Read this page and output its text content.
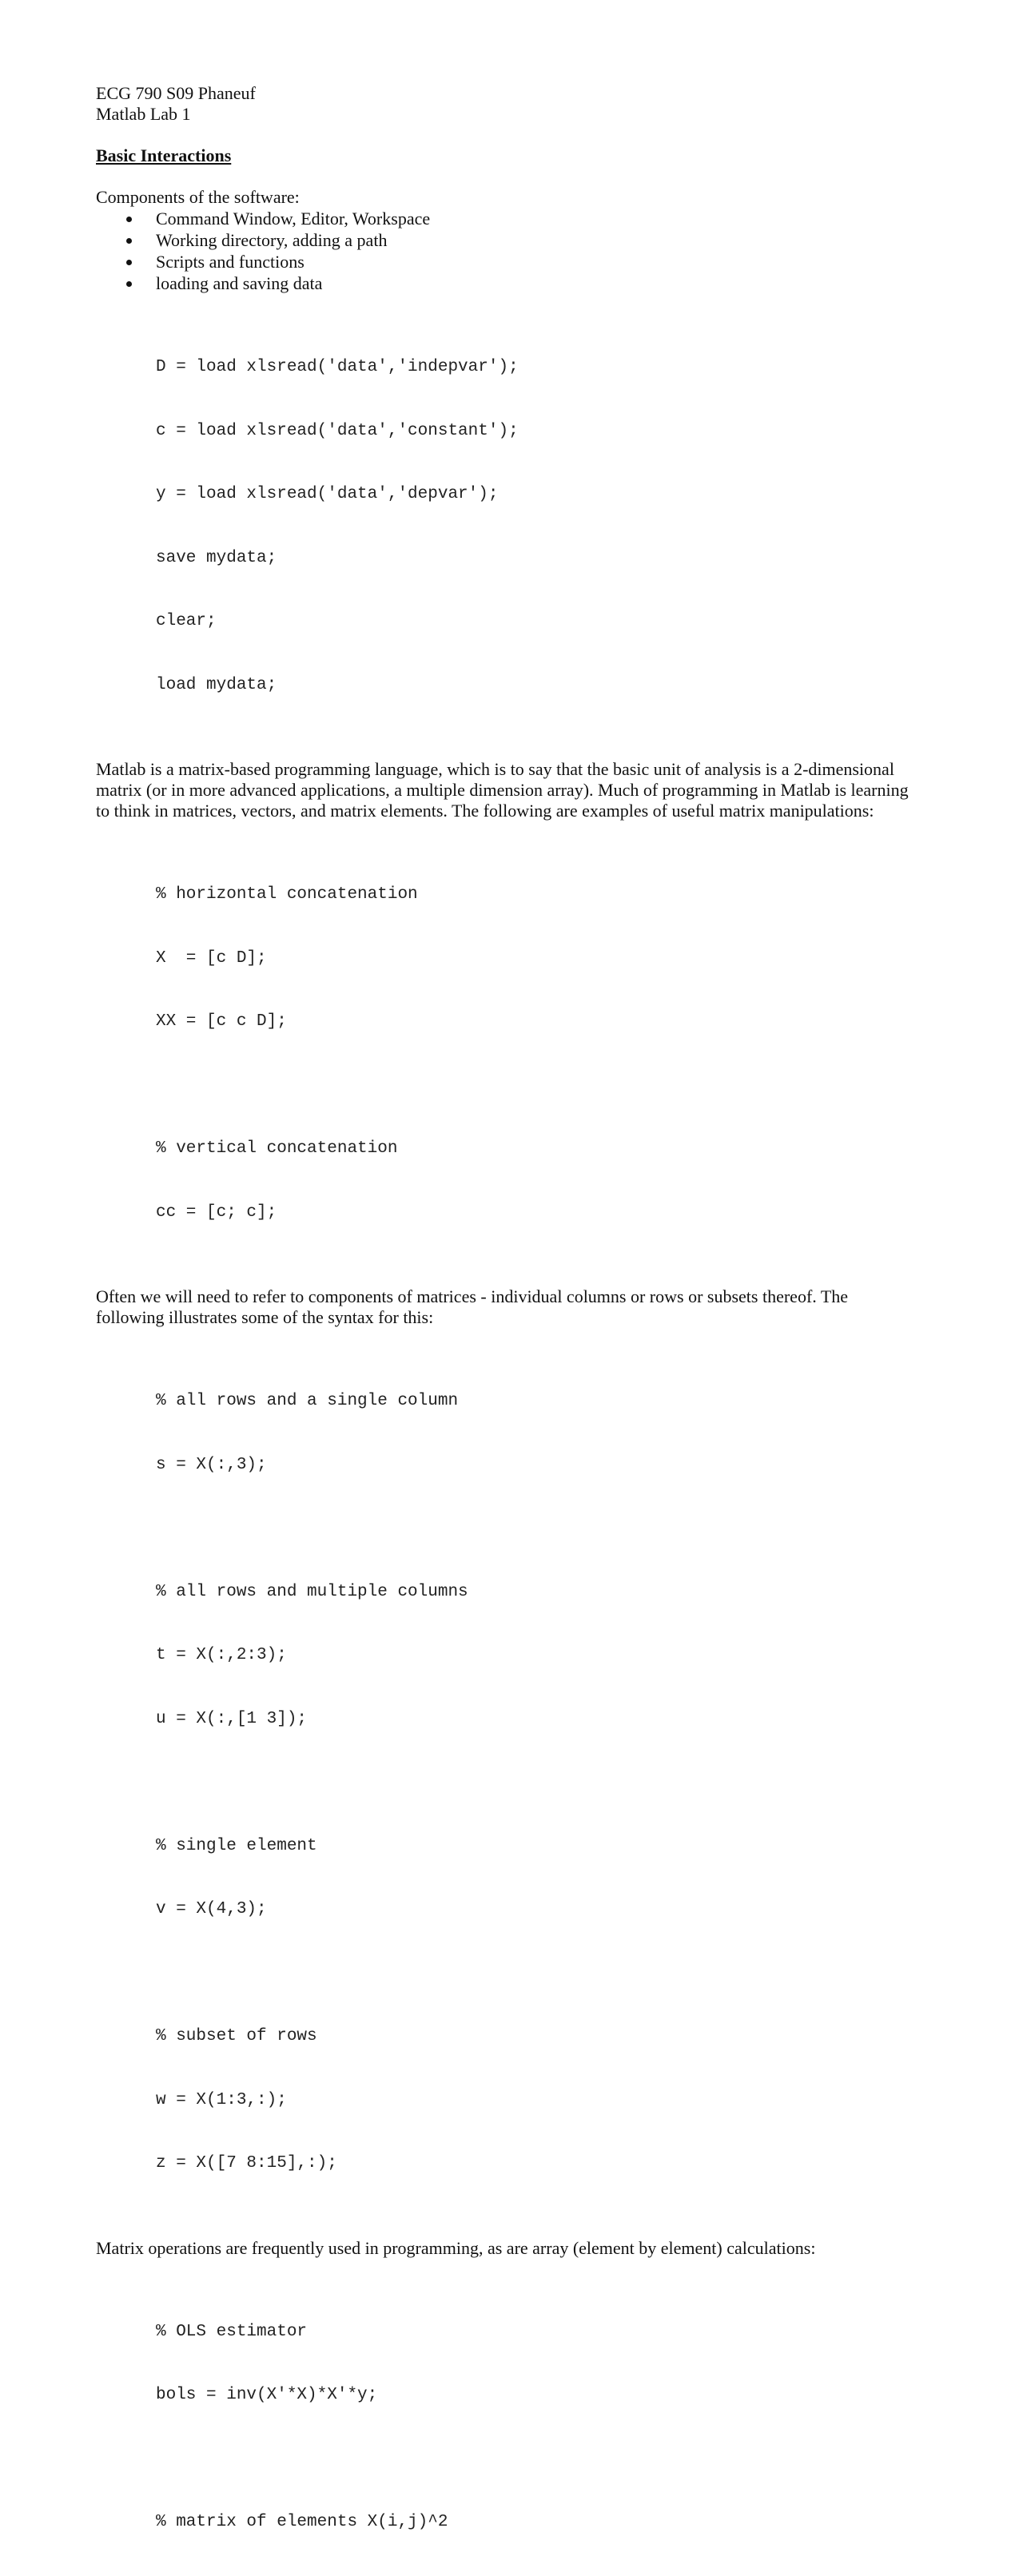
ECG 790 S09 Phaneuf

Matlab Lab 1

Basic Interactions

Components of the software:

Command Window, Editor, Workspace
Working directory, adding a path
Scripts and functions
loading and saving data

D = load xlsread('data','indepvar');

c = load xlsread('data','constant');

y = load xlsread('data','depvar');

save mydata;

clear;

load mydata;

Matlab is a matrix-based programming language, which is to say that the basic unit of analysis is a 2-dimensional matrix (or in more advanced applications, a multiple dimension array). Much of programming in Matlab is learning to think in matrices, vectors, and matrix elements. The following are examples of useful matrix manipulations:

% horizontal concatenation

X  = [c D];

XX = [c c D];

% vertical concatenation

cc = [c; c];

Often we will need to refer to components of matrices - individual columns or rows or subsets thereof. The following illustrates some of the syntax for this:

% all rows and a single column

s = X(:,3);

% all rows and multiple columns

t = X(:,2:3);

u = X(:,[1 3]);

% single element

v = X(4,3);

% subset of rows

w = X(1:3,:);

z = X([7 8:15],:);

Matrix operations are frequently used in programming, as are array (element by element) calculations:

% OLS estimator

bols = inv(X'*X)*X'*y;

% matrix of elements X(i,j)^2
